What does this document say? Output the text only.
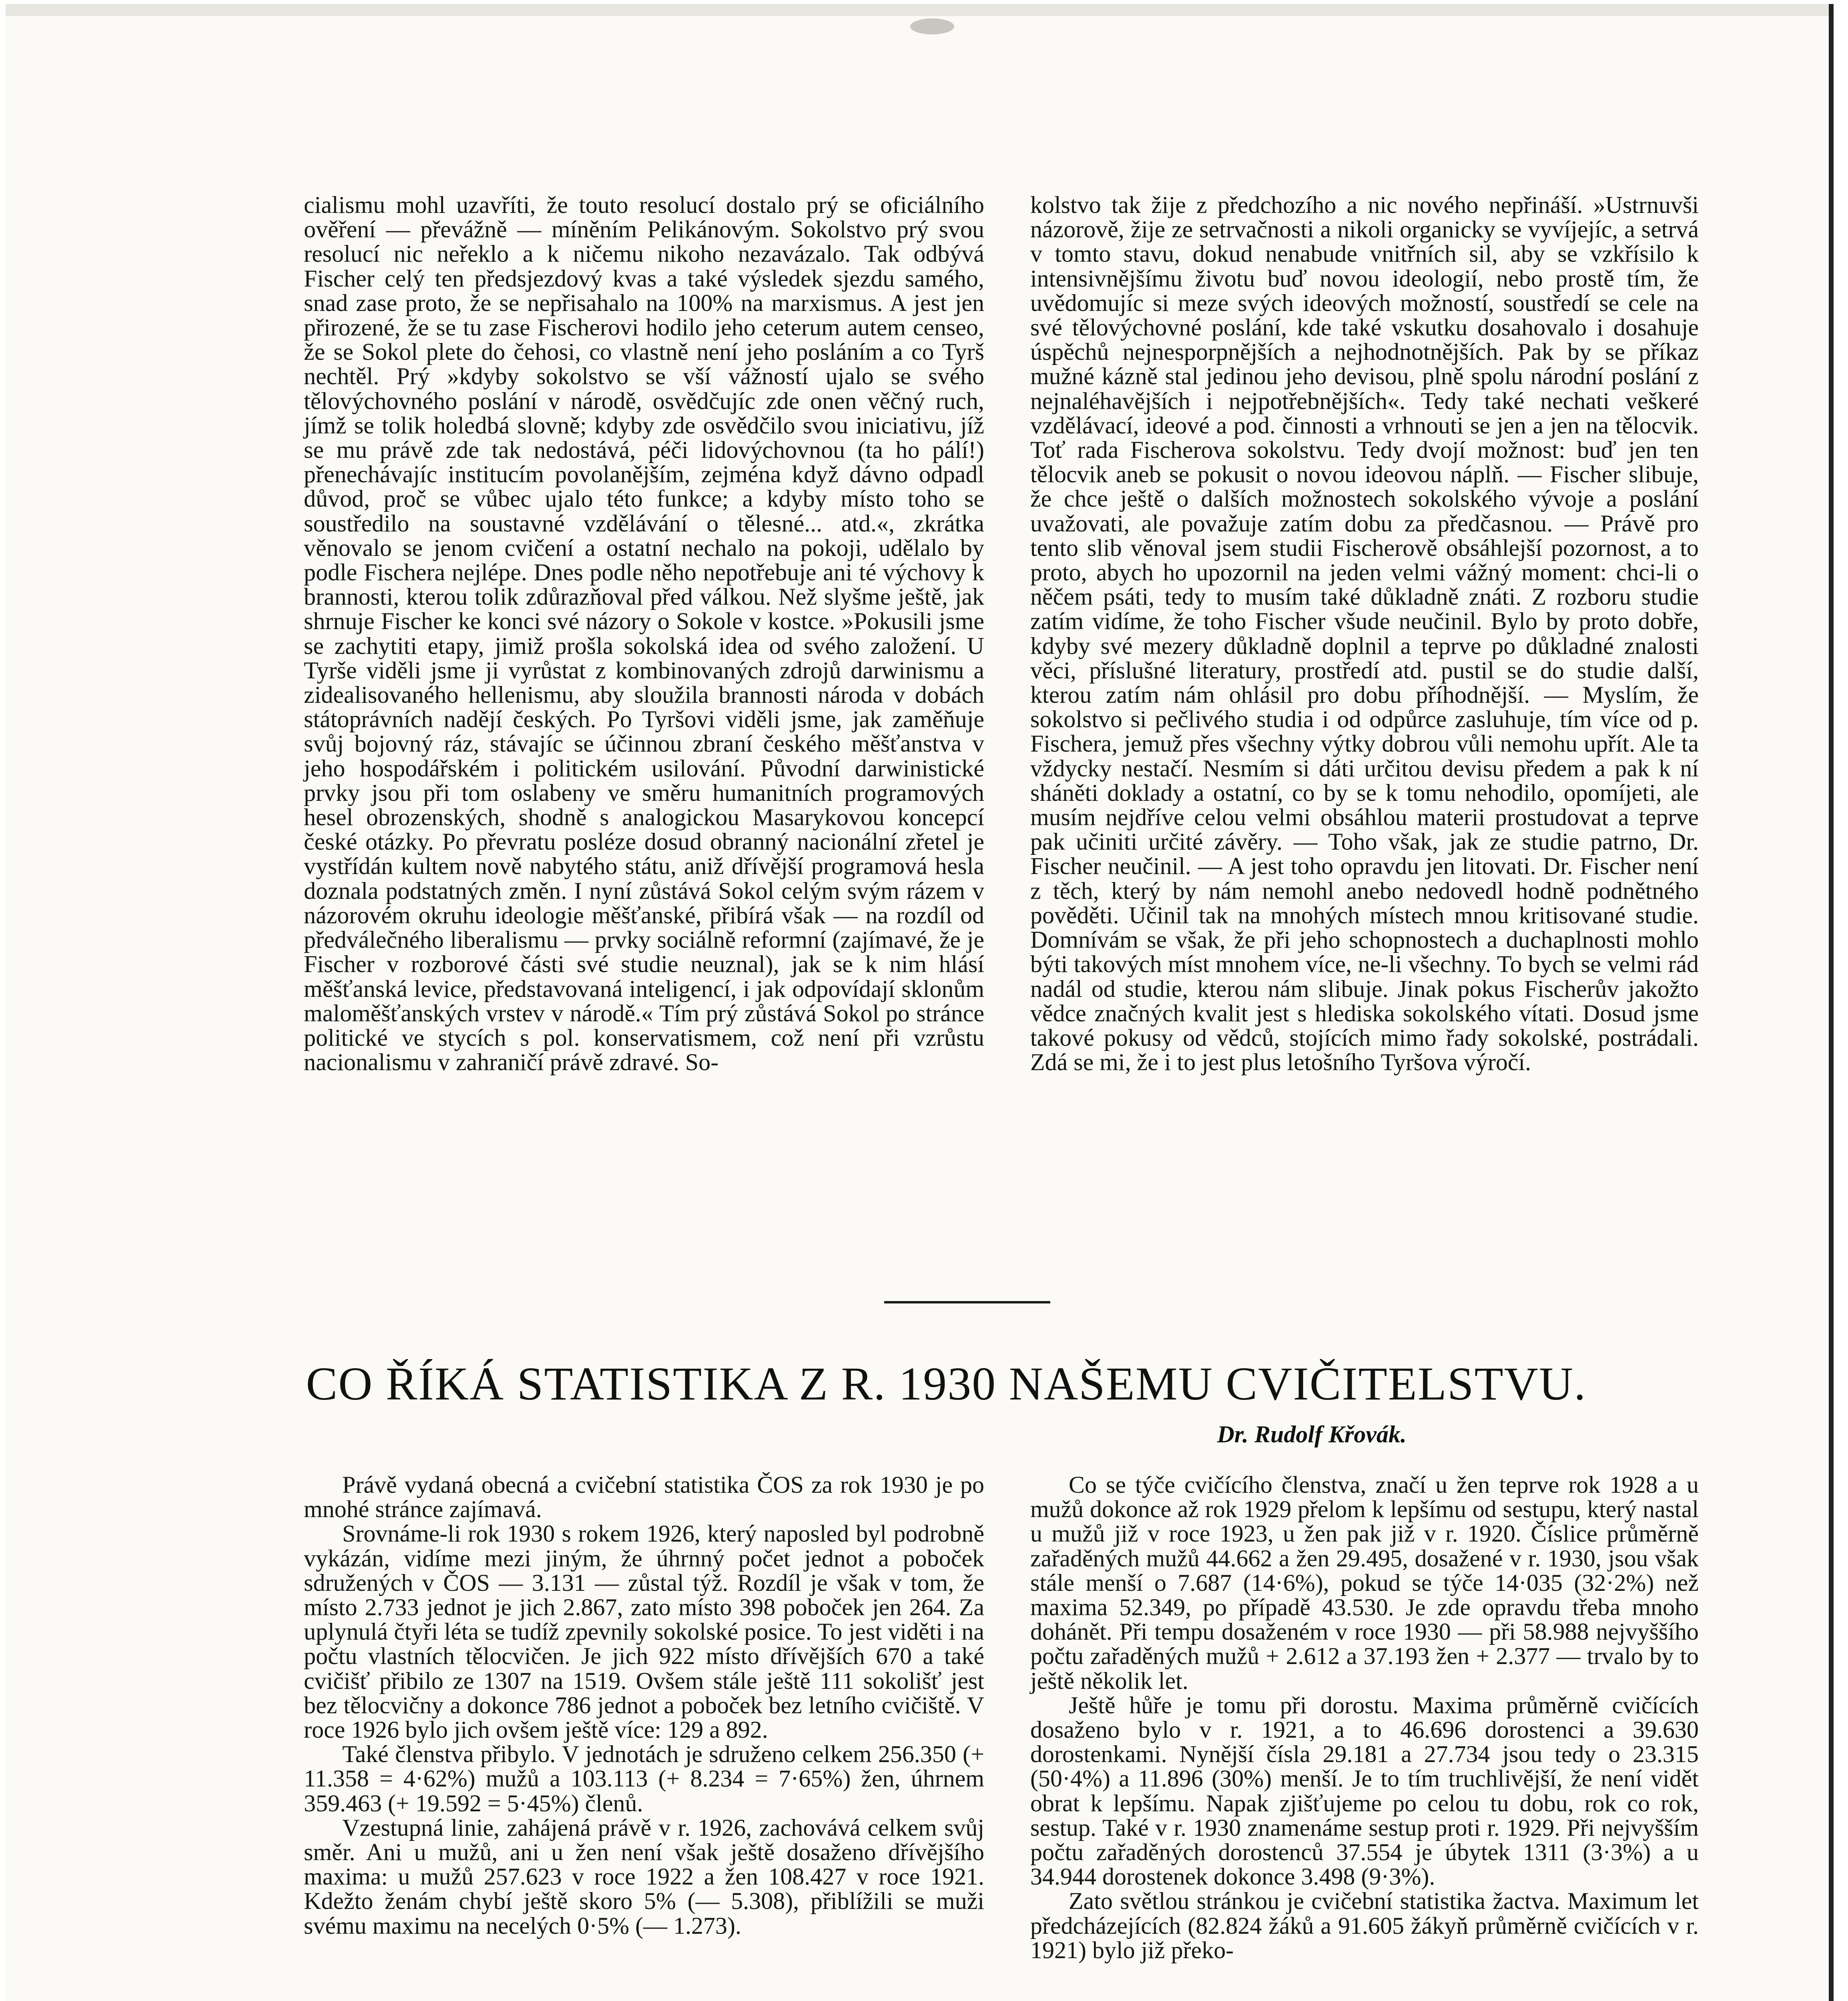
cialismu mohl uzavříti, že touto resolucí dostalo prý se oficiálního ověření — převážně — míněním Pelikánovým. Sokolstvo prý svou resolucí nic neřeklo a k ničemu nikoho nezavázalo. Tak odbývá Fischer celý ten předsjezdový kvas a také výsledek sjezdu samého, snad zase proto, že se nepřisahalo na 100% na marxismus. A jest jen přirozené, že se tu zase Fischerovi hodilo jeho ceterum autem censeo, že se Sokol plete do čehosi, co vlastně není jeho posláním a co Tyrš nechtěl. Prý »kdyby sokolstvo se vší vážností ujalo se svého tělovýchovného poslání v národě, osvědčujíc zde onen věčný ruch, jímž se tolik holedbá slovně; kdyby zde osvědčilo svou iniciativu, jíž se mu právě zde tak nedostává, péči lidovýchovnou (ta ho pálí!) přenechávajíc institucím povolanějším, zejména když dávno odpadl důvod, proč se vůbec ujalo této funkce; a kdyby místo toho se soustředilo na soustavné vzdělávání o tělesné... atd.«, zkrátka věnovalo se jenom cvičení a ostatní nechalo na pokoji, udělalo by podle Fischera nejlépe. Dnes podle něho nepotřebuje ani té výchovy k brannosti, kterou tolik zdůrazňoval před válkou. Než slyšme ještě, jak shrnuje Fischer ke konci své názory o Sokole v kostce. »Pokusili jsme se zachytiti etapy, jimiž prošla sokolská idea od svého založení. U Tyrše viděli jsme ji vyrůstat z kombinovaných zdrojů darwinismu a zidealisovaného hellenismu, aby sloužila brannosti národa v dobách státoprávních nadějí českých. Po Tyršovi viděli jsme, jak zaměňuje svůj bojovný ráz, stávajíc se účinnou zbraní českého měšťanstva v jeho hospodářském i politickém usilování. Původní darwinistické prvky jsou při tom oslabeny ve směru humanitních programových hesel obrozenských, shodně s analogickou Masarykovou koncepcí české otázky. Po převratu posléze dosud obranný nacionální zřetel je vystřídán kultem nově nabytého státu, aniž dřívější programová hesla doznala podstatných změn. I nyní zůstává Sokol celým svým rázem v názorovém okruhu ideologie měšťanské, přibírá však — na rozdíl od předválečného liberalismu — prvky sociálně reformní (zajímavé, že je Fischer v rozborové části své studie neuznal), jak se k nim hlásí měšťanská levice, představovaná inteligencí, i jak odpovídají sklonům maloměšťanských vrstev v národě.« Tím prý zůstává Sokol po stránce politické ve stycích s pol. konservatismem, což není při vzrůstu nacionalismu v zahraničí právě zdravé. So-

kolstvo tak žije z předchozího a nic nového nepřináší. »Ustrnuvši názorově, žije ze setrvačnosti a nikoli organicky se vyvíjejíc, a setrvá v tomto stavu, dokud nenabude vnitřních sil, aby se vzkřísilo k intensivnějšímu životu buď novou ideologií, nebo prostě tím, že uvědomujíc si meze svých ideových možností, soustředí se cele na své tělovýchovné poslání, kde také vskutku dosahovalo i dosahuje úspěchů nejnesporpnějších a nejhodnotnějších. Pak by se příkaz mužné kázně stal jedinou jeho devisou, plně spolu národní poslání z nejnaléhavějších i nejpotřebnějších«. Tedy také nechati veškeré vzdělávací, ideové a pod. činnosti a vrhnouti se jen a jen na tělocvik. Toť rada Fischerova sokolstvu. Tedy dvojí možnost: buď jen ten tělocvik aneb se pokusit o novou ideovou náplň. — Fischer slibuje, že chce ještě o dalších možnostech sokolského vývoje a poslání uvažovati, ale považuje zatím dobu za předčasnou. — Právě pro tento slib věnoval jsem studii Fischerově obsáhlejší pozornost, a to proto, abych ho upozornil na jeden velmi vážný moment: chci-li o něčem psáti, tedy to musím také důkladně znáti. Z rozboru studie zatím vidíme, že toho Fischer všude neučinil. Bylo by proto dobře, kdyby své mezery důkladně doplnil a teprve po důkladné znalosti věci, příslušné literatury, prostředí atd. pustil se do studie další, kterou zatím nám ohlásil pro dobu příhodnější. — Myslím, že sokolstvo si pečlivého studia i od odpůrce zasluhuje, tím více od p. Fischera, jemuž přes všechny výtky dobrou vůli nemohu upřít. Ale ta vždycky nestačí. Nesmím si dáti určitou devisu předem a pak k ní sháněti doklady a ostatní, co by se k tomu nehodilo, opomíjeti, ale musím nejdříve celou velmi obsáhlou materii prostudovat a teprve pak učiniti určité závěry. — Toho však, jak ze studie patrno, Dr. Fischer neučinil. — A jest toho opravdu jen litovati. Dr. Fischer není z těch, který by nám nemohl anebo nedovedl hodně podnětného pověděti. Učinil tak na mnohých místech mnou kritisované studie. Domnívám se však, že při jeho schopnostech a duchaplnosti mohlo býti takových míst mnohem více, ne-li všechny. To bych se velmi rád nadál od studie, kterou nám slibuje. Jinak pokus Fischerův jakožto vědce značných kvalit jest s hlediska sokolského vítati. Dosud jsme takové pokusy od vědců, stojících mimo řady sokolské, postrádali. Zdá se mi, že i to jest plus letošního Tyršova výročí.

CO ŘÍKÁ STATISTIKA Z R. 1930 NAŠEMU CVIČITELSTVU.
Dr. Rudolf Křovák.

Právě vydaná obecná a cvičební statistika ČOS za rok 1930 je po mnohé stránce zajímavá.

Srovnáme-li rok 1930 s rokem 1926, který naposled byl podrobně vykázán, vidíme mezi jiným, že úhrnný počet jednot a poboček sdružených v ČOS — 3.131 — zůstal týž. Rozdíl je však v tom, že místo 2.733 jednot je jich 2.867, zato místo 398 poboček jen 264. Za uplynulá čtyři léta se tudíž zpevnily sokolské posice. To jest viděti i na počtu vlastních tělocvičen. Je jich 922 místo dřívějších 670 a také cvičišť přibilo ze 1307 na 1519. Ovšem stále ještě 111 sokolišť jest bez tělocvičny a dokonce 786 jednot a poboček bez letního cvičiště. V roce 1926 bylo jich ovšem ještě více: 129 a 892.

Také členstva přibylo. V jednotách je sdruženo celkem 256.350 (+ 11.358 = 4·62%) mužů a 103.113 (+ 8.234 = 7·65%) žen, úhrnem 359.463 (+ 19.592 = 5·45%) členů.

Vzestupná linie, zahájená právě v r. 1926, zachovává celkem svůj směr. Ani u mužů, ani u žen není však ještě dosaženo dřívějšího maxima: u mužů 257.623 v roce 1922 a žen 108.427 v roce 1921. Kdežto ženám chybí ještě skoro 5% (— 5.308), přiblížili se muži svému maximu na necelých 0·5% (— 1.273).

Co se týče cvičícího členstva, značí u žen teprve rok 1928 a u mužů dokonce až rok 1929 přelom k lepšímu od sestupu, který nastal u mužů již v roce 1923, u žen pak již v r. 1920. Číslice průměrně zařaděných mužů 44.662 a žen 29.495, dosažené v r. 1930, jsou však stále menší o 7.687 (14·6%), pokud se týče 14·035 (32·2%) než maxima 52.349, po případě 43.530. Je zde opravdu třeba mnoho dohánět. Při tempu dosaženém v roce 1930 — při 58.988 nejvyššího počtu zařaděných mužů + 2.612 a 37.193 žen + 2.377 — trvalo by to ještě několik let.

Ještě hůře je tomu při dorostu. Maxima průměrně cvičících dosaženo bylo v r. 1921, a to 46.696 dorostenci a 39.630 dorostenkami. Nynější čísla 29.181 a 27.734 jsou tedy o 23.315 (50·4%) a 11.896 (30%) menší. Je to tím truchlivější, že není vidět obrat k lepšímu. Napak zjišťujeme po celou tu dobu, rok co rok, sestup. Také v r. 1930 znamenáme sestup proti r. 1929. Při nejvyšším počtu zařaděných dorostenců 37.554 je úbytek 1311 (3·3%) a u 34.944 dorostenek dokonce 3.498 (9·3%).

Zato světlou stránkou je cvičební statistika žactva. Maximum let předcházejících (82.824 žáků a 91.605 žákyň průměrně cvičících v r. 1921) bylo již překo-
